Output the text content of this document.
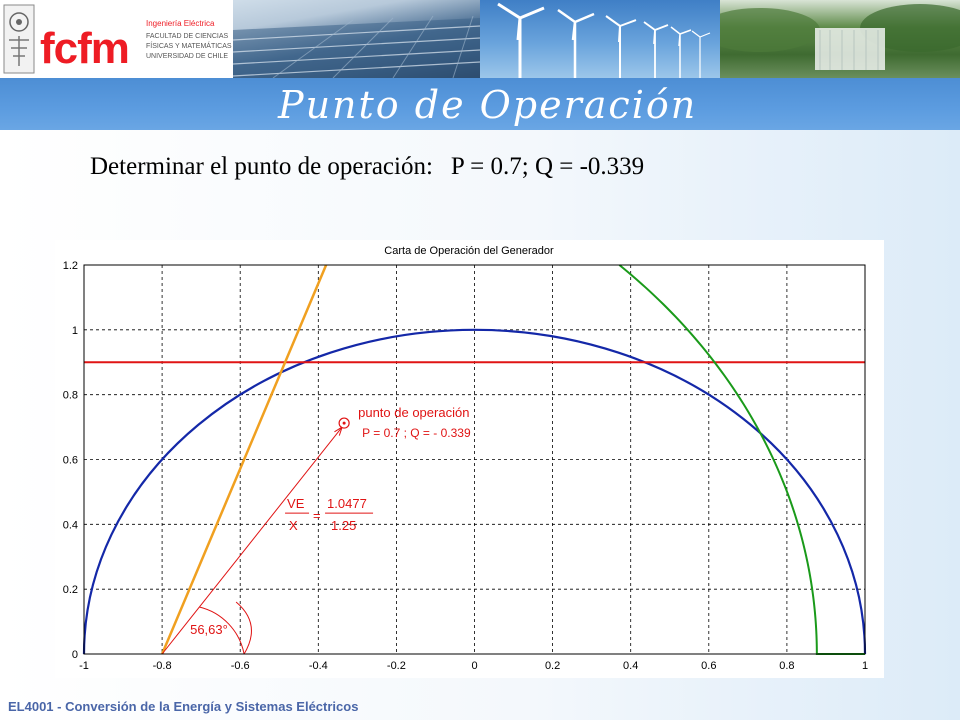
fcfm
Ingeniería Eléctrica
FACULTAD DE CIENCIAS
FÍSICAS Y MATEMÁTICAS
UNIVERSIDAD DE CHILE
Punto de Operación

Determinar el punto de operación: P = 0.7; Q = -0.339

Carta de Operación del Generador
-1	-0.8	-0.6	-0.4	-0.2	0	0.2	0.4	0.6	0.8	1
0
0.2
0.4
0.6
0.8
1
1.2
punto de operación
P = 0.7 ; Q = - 0.339
VE
X
=
1.0477
1.25
56,63°

EL4001 - Conversión de la Energía y Sistemas Eléctricos
